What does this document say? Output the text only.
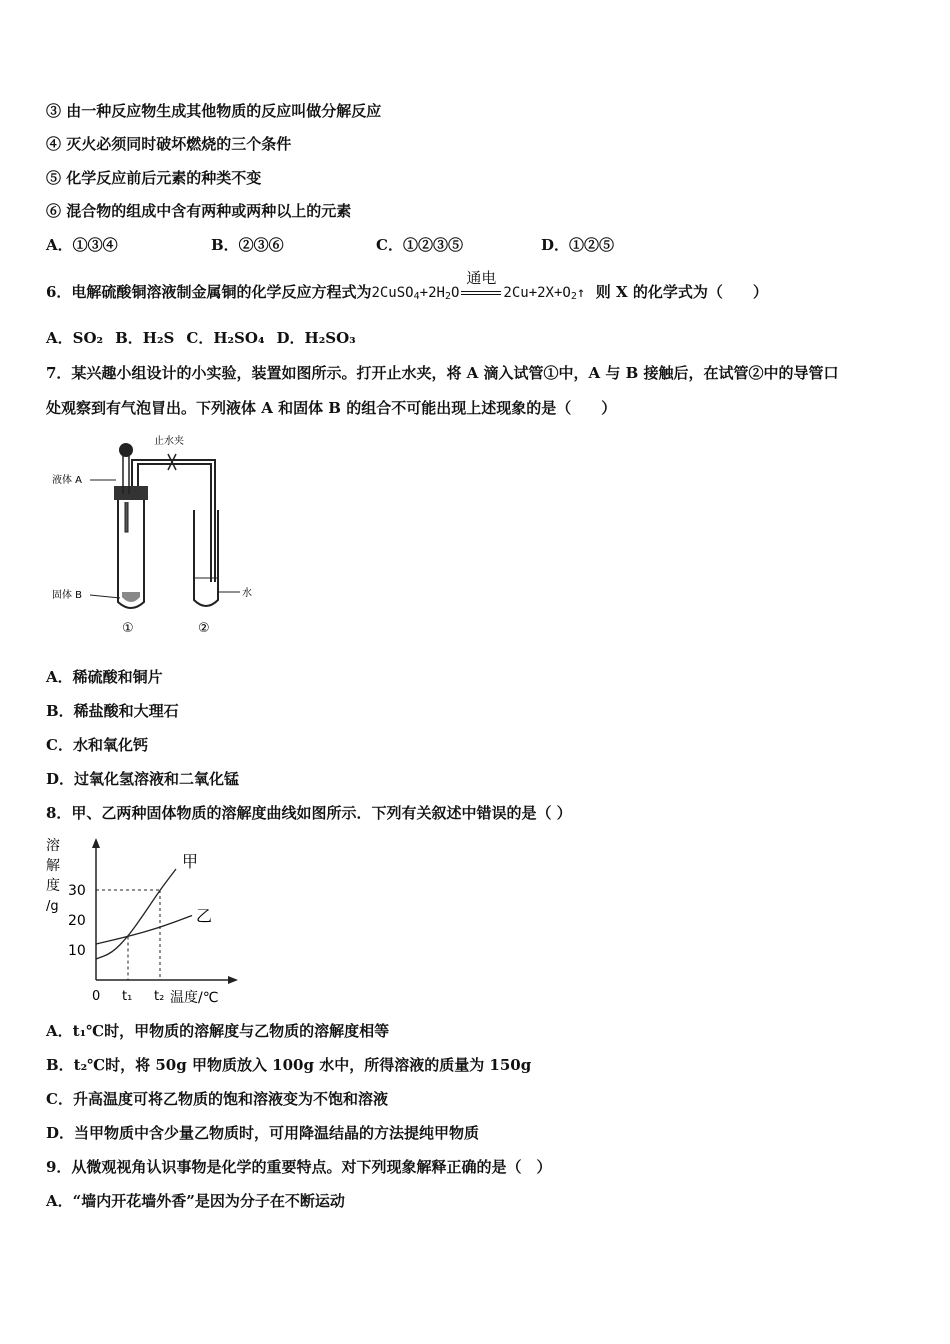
③ 由一种反应物生成其他物质的反应叫做分解反应
④ 灭火必须同时破坏燃烧的三个条件
⑤ 化学反应前后元素的种类不变
⑥ 混合物的组成中含有两种或两种以上的元素
A．①③④	B．②③⑥	C．①②③⑤	D．①②⑤
6．电解硫酸铜溶液制金属铜的化学反应方程式为$2CuSO_4+2H_2O$
通电
$2Cu+2X+O_2↑$ 则 X 的化学式为（　　）
A．SO₂ B．H₂S C．H₂SO₄ D．H₂SO₃
7．某兴趣小组设计的小实验，装置如图所示。打开止水夹，将 A 滴入试管①中，A 与 B 接触后，在试管②中的导管口
处观察到有气泡冒出。下列液体 A 和固体 B 的组合不可能出现上述现象的是（　　）
止水夹
液体 A
固体 B	水
①	②
A．稀硫酸和铜片
B．稀盐酸和大理石
C．水和氧化钙
D．过氧化氢溶液和二氧化锰
8．甲、乙两种固体物质的溶解度曲线如图所示．下列有关叙述中错误的是（ ）
溶
解
度
/g
0	温度/℃
10
20
30
t₁ t₂
甲
乙
A．t₁℃时，甲物质的溶解度与乙物质的溶解度相等
B．t₂℃时，将 50g 甲物质放入 100g 水中，所得溶液的质量为 150g
C．升高温度可将乙物质的饱和溶液变为不饱和溶液
D．当甲物质中含少量乙物质时，可用降温结晶的方法提纯甲物质
9．从微观视角认识事物是化学的重要特点。对下列现象解释正确的是（　）
A．“墙内开花墙外香”是因为分子在不断运动
